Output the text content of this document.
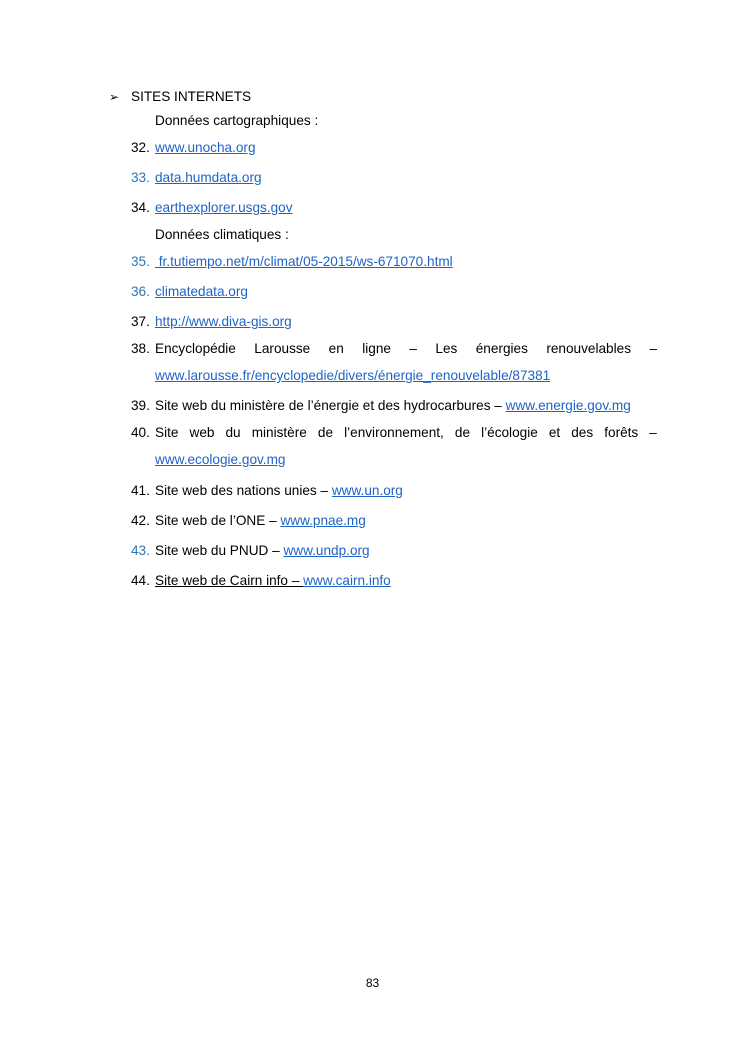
➢ SITES INTERNETS
Données cartographiques :
32. www.unocha.org
33. data.humdata.org
34. earthexplorer.usgs.gov
Données climatiques :
35. fr.tutiempo.net/m/climat/05-2015/ws-671070.html
36. climatedata.org
37. http://www.diva-gis.org
38. Encyclopédie Larousse en ligne – Les énergies renouvelables –
www.larousse.fr/encyclopedie/divers/énergie_renouvelable/87381
39. Site web du ministère de l’énergie et des hydrocarbures – www.energie.gov.mg
40. Site web du ministère de l’environnement, de l’écologie et des forêts –
www.ecologie.gov.mg
41. Site web des nations unies – www.un.org
42. Site web de l’ONE – www.pnae.mg
43. Site web du PNUD – www.undp.org
44. Site web de Cairn info – www.cairn.info
83
